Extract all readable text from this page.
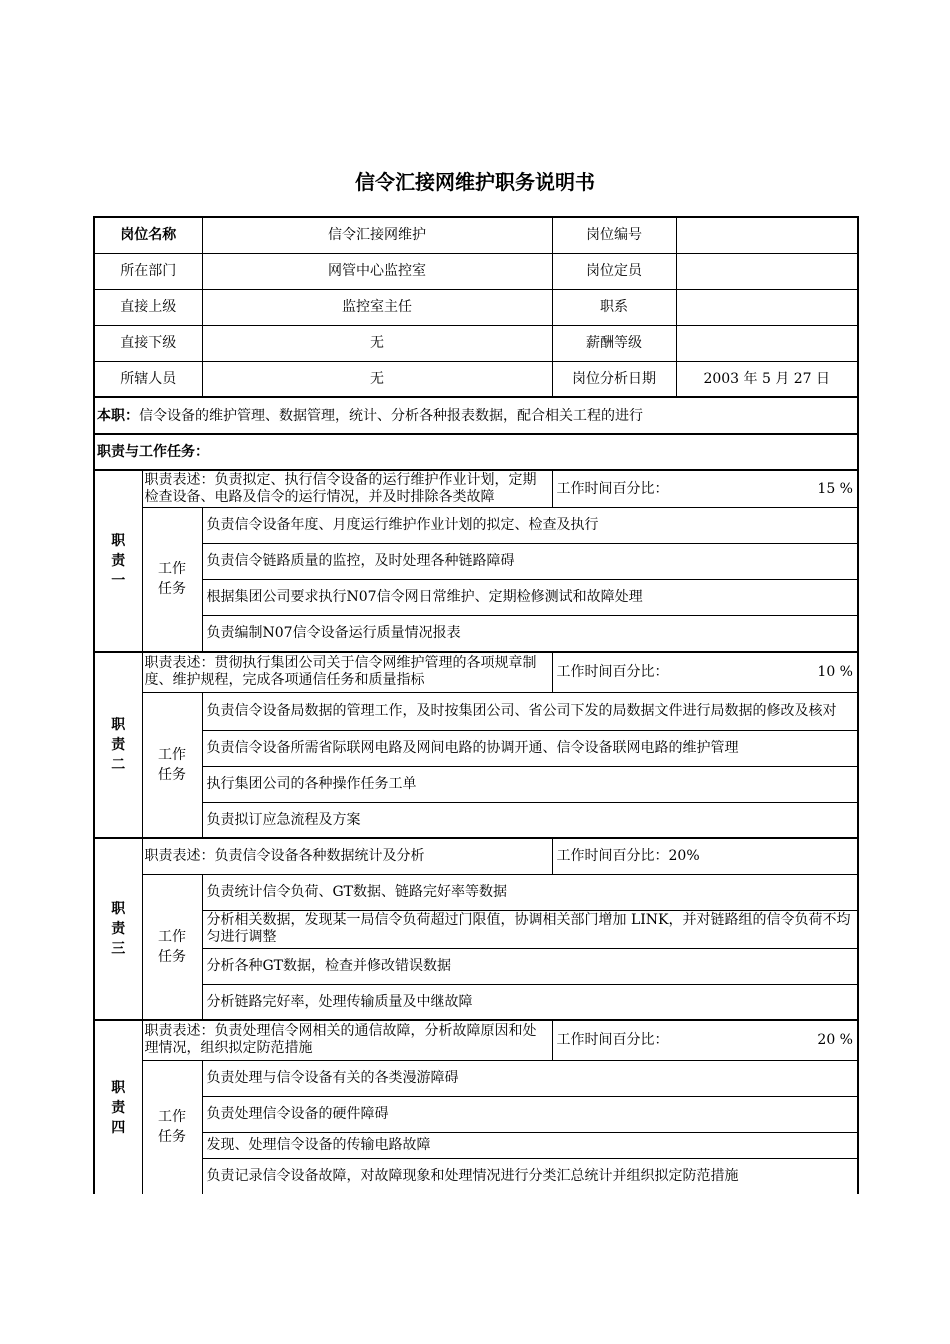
信令汇接网维护职务说明书
岗位名称		信令汇接网维护	岗位编号	
所在部门		网管中心监控室	岗位定员	
直接上级		监控室主任	职系	
直接下级		无	薪酬等级	
所辖人员		无	岗位分析日期	2003 年 5 月 27 日
本职：信令设备的维护管理、数据管理，统计、分析各种报表数据，配合相关工程的进行				
职责与工作任务：				

职责一	职责表述：负责拟定、执行信令设备的运行维护作业计划，定期检查设备、电路及信令的运行情况，并及时排除各类故障		工作时间百分比： 15 %	

	工作任务	负责信令设备年度、月度运行维护作业计划的拟定、检查及执行		
		负责信令链路质量的监控，及时处理各种链路障碍		
		根据集团公司要求执行N07信令网日常维护、定期检修测试和故障处理		
		负责编制N07信令设备运行质量情况报表		

职责二	职责表述：贯彻执行集团公司关于信令网维护管理的各项规章制度、维护规程，完成各项通信任务和质量指标		工作时间百分比： 10 %	

	工作任务	负责信令设备局数据的管理工作，及时按集团公司、省公司下发的局数据文件进行局数据的修改及核对		
		负责信令设备所需省际联网电路及网间电路的协调开通、信令设备联网电路的维护管理		
		执行集团公司的各种操作任务工单		
		负责拟订应急流程及方案		

职责三	职责表述：负责信令设备各种数据统计及分析		工作时间百分比： 20%	

	工作任务	负责统计信令负荷、GT数据、链路完好率等数据		
		分析相关数据，发现某一局信令负荷超过门限值，协调相关部门增加 LINK，并对链路组的信令负荷不均匀进行调整		
		分析各种GT数据，检查并修改错误数据		
		分析链路完好率，处理传输质量及中继故障		

职责四	职责表述：负责处理信令网相关的通信故障，分析故障原因和处理情况，组织拟定防范措施		工作时间百分比： 20 %	

	工作任务	负责处理与信令设备有关的各类漫游障碍		
		负责处理信令设备的硬件障碍		
		发现、处理信令设备的传输电路故障		
		负责记录信令设备故障，对故障现象和处理情况进行分类汇总统计并组织拟定防范措施		
